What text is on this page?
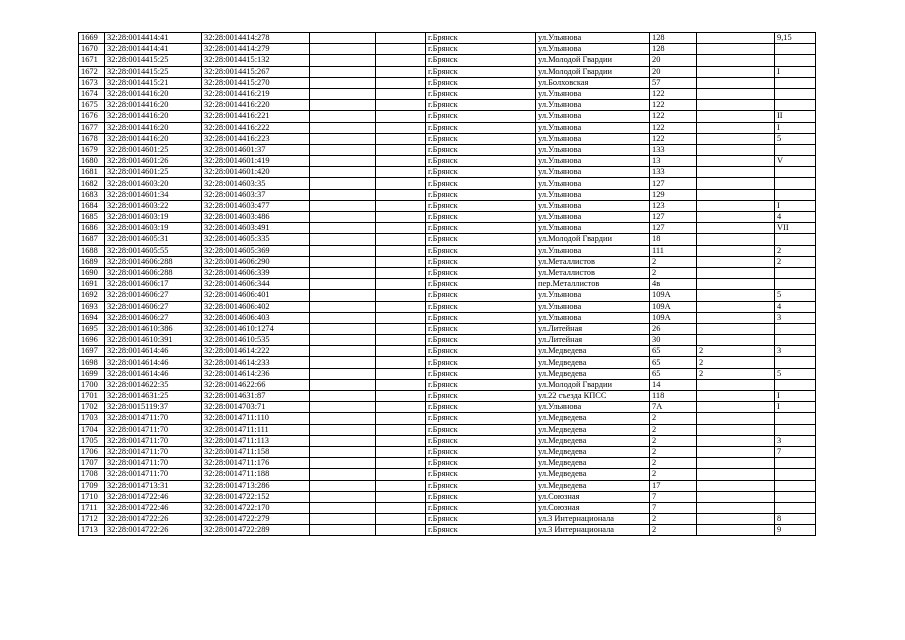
1669	32:28:0014414:41	32:28:0014414:278			г.Брянск	ул.Ульянова	128		9,15
1670	32:28:0014414:41	32:28:0014414:279			г.Брянск	ул.Ульянова	128		
1671	32:28:0014415:25	32:28:0014415:132			г.Брянск	ул.Молодой Гвардии	20		
1672	32:28:0014415:25	32:28:0014415:267			г.Брянск	ул.Молодой Гвардии	20		I
1673	32:28:0014415:21	32:28:0014415:270			г.Брянск	ул.Болховская	57		
1674	32:28:0014416:20	32:28:0014416:219			г.Брянск	ул.Ульянова	122		
1675	32:28:0014416:20	32:28:0014416:220			г.Брянск	ул.Ульянова	122		
1676	32:28:0014416:20	32:28:0014416:221			г.Брянск	ул.Ульянова	122		II
1677	32:28:0014416:20	32:28:0014416:222			г.Брянск	ул.Ульянова	122		I
1678	32:28:0014416:20	32:28:0014416:223			г.Брянск	ул.Ульянова	122		5
1679	32:28:0014601:25	32:28:0014601:37			г.Брянск	ул.Ульянова	133		
1680	32:28:0014601:26	32:28:0014601:419			г.Брянск	ул.Ульянова	13		V
1681	32:28:0014601:25	32:28:0014601:420			г.Брянск	ул.Ульянова	133		
1682	32:28:0014603:20	32:28:0014603:35			г.Брянск	ул.Ульянова	127		
1683	32:28:0014601:34	32:28:0014603:37			г.Брянск	ул.Ульянова	129		
1684	32:28:0014603:22	32:28:0014603:477			г.Брянск	ул.Ульянова	123		I
1685	32:28:0014603:19	32:28:0014603:486			г.Брянск	ул.Ульянова	127		4
1686	32:28:0014603:19	32:28:0014603:491			г.Брянск	ул.Ульянова	127		VII
1687	32:28:0014605:31	32:28:0014605:335			г.Брянск	ул.Молодой Гвардии	18		
1688	32:28:0014605:55	32:28:0014605:369			г.Брянск	ул.Ульянова	111		2
1689	32:28:0014606:288	32:28:0014606:290			г.Брянск	ул.Металлистов	2		2
1690	32:28:0014606:288	32:28:0014606:339			г.Брянск	ул.Металлистов	2		
1691	32:28:0014606:17	32:28:0014606:344			г.Брянск	пер.Металлистов	4в		
1692	32:28:0014606:27	32:28:0014606:401			г.Брянск	ул.Ульянова	109А		5
1693	32:28:0014606:27	32:28:0014606:402			г.Брянск	ул.Ульянова	109А		4
1694	32:28:0014606:27	32:28:0014606:403			г.Брянск	ул.Ульянова	109А		3
1695	32:28:0014610:386	32:28:0014610:1274			г.Брянск	ул.Литейная	26		
1696	32:28:0014610:391	32:28:0014610:535			г.Брянск	ул.Литейная	30		
1697	32:28:0014614:46	32:28:0014614:222			г.Брянск	ул.Медведева	65	2	3
1698	32:28:0014614:46	32:28:0014614:233			г.Брянск	ул.Медведева	65	2	
1699	32:28:0014614:46	32:28:0014614:236			г.Брянск	ул.Медведева	65	2	5
1700	32:28:0014622:35	32:28:0014622:66			г.Брянск	ул.Молодой Гвардии	14		
1701	32:28:0014631:25	32:28:0014631:87			г.Брянск	ул.22 съезда КПСС	118		I
1702	32:28:0015119:37	32:28:0014703:71			г.Брянск	ул.Ульянова	7А		I
1703	32:28:0014711:70	32:28:0014711:110			г.Брянск	ул.Медведева	2		
1704	32:28:0014711:70	32:28:0014711:111			г.Брянск	ул.Медведева	2		
1705	32:28:0014711:70	32:28:0014711:113			г.Брянск	ул.Медведева	2		3
1706	32:28:0014711:70	32:28:0014711:158			г.Брянск	ул.Медведева	2		7
1707	32:28:0014711:70	32:28:0014711:176			г.Брянск	ул.Медведева	2		
1708	32:28:0014711:70	32:28:0014711:188			г.Брянск	ул.Медведева	2		
1709	32:28:0014713:31	32:28:0014713:286			г.Брянск	ул.Медведева	17		
1710	32:28:0014722:46	32:28:0014722:152			г.Брянск	ул.Союзная	7		
1711	32:28:0014722:46	32:28:0014722:170			г.Брянск	ул.Союзная	7		
1712	32:28:0014722:26	32:28:0014722:279			г.Брянск	ул.3 Интернационала	2		8
1713	32:28:0014722:26	32:28:0014722:289			г.Брянск	ул.3 Интернационала	2		9
